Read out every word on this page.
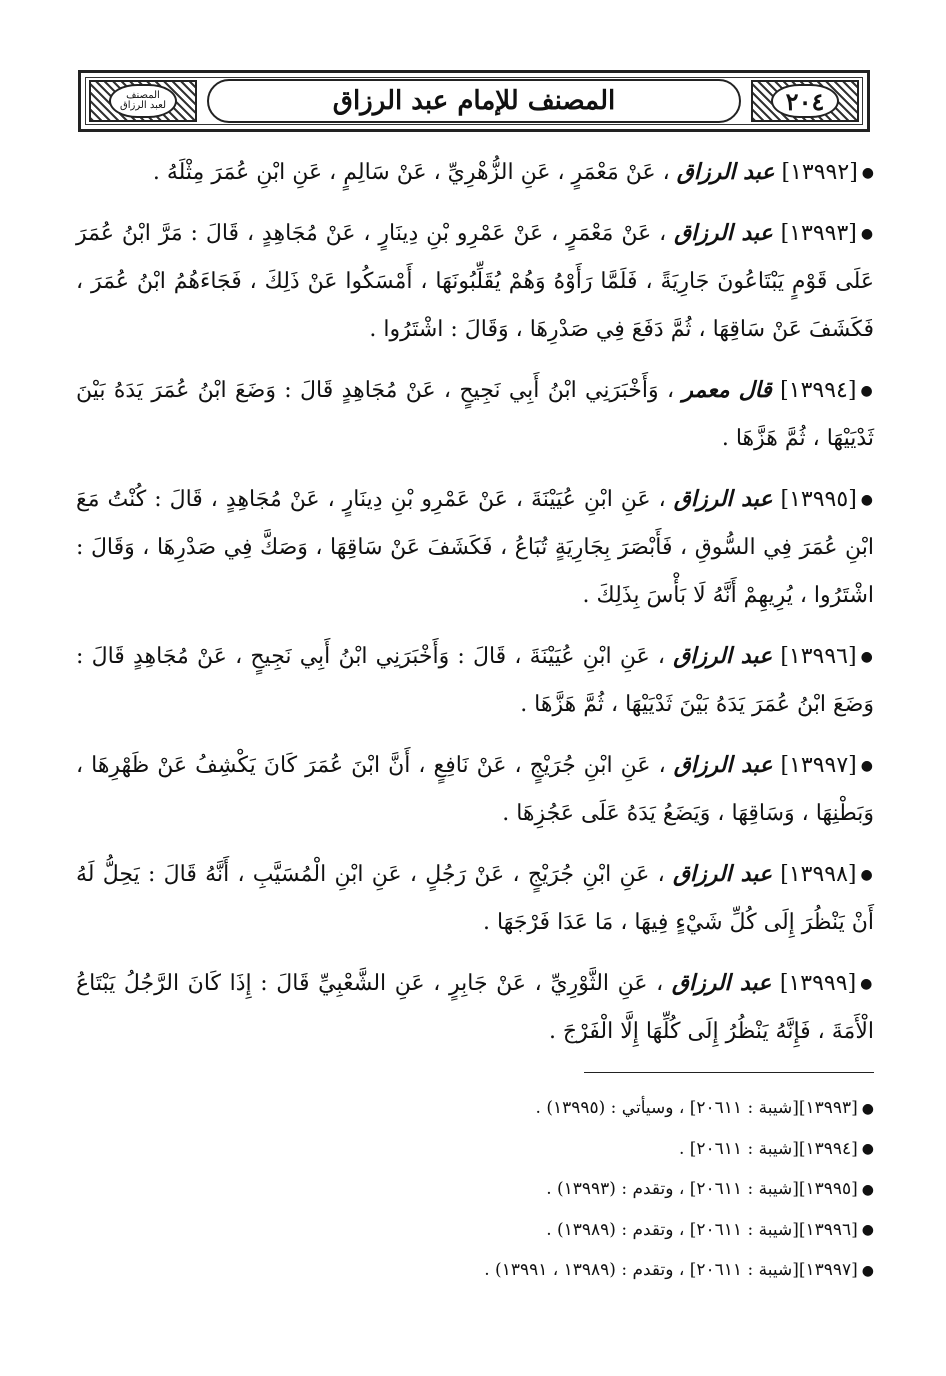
٢٠٤
المصنف للإمام عبد الرزاق
المصنف
لعبد الرزاق

●[١٣٩٩٢] عبد الرزاق ، عَنْ مَعْمَرٍ ، عَنِ الزُّهْرِيِّ ، عَنْ سَالِمٍ ، عَنِ ابْنِ عُمَرَ مِثْلَهُ .

●[١٣٩٩٣] عبد الرزاق ، عَنْ مَعْمَرٍ ، عَنْ عَمْرِو بْنِ دِينَارٍ ، عَنْ مُجَاهِدٍ ، قَالَ : مَرَّ ابْنُ عُمَرَ عَلَى قَوْمٍ يَبْتَاعُونَ جَارِيَةً ، فَلَمَّا رَأَوْهُ وَهُمْ يُقَلِّبُونَهَا ، أَمْسَكُوا عَنْ ذَلِكَ ، فَجَاءَهُمُ ابْنُ عُمَرَ ، فَكَشَفَ عَنْ سَاقِهَا ، ثُمَّ دَفَعَ فِي صَدْرِهَا ، وَقَالَ : اشْتَرُوا .

●[١٣٩٩٤] قال معمر ، وَأَخْبَرَنِي ابْنُ أَبِي نَجِيحٍ ، عَنْ مُجَاهِدٍ قَالَ : وَضَعَ ابْنُ عُمَرَ يَدَهُ بَيْنَ ثَدْيَيْهَا ، ثُمَّ هَزَّهَا .

●[١٣٩٩٥] عبد الرزاق ، عَنِ ابْنِ عُيَيْنَةَ ، عَنْ عَمْرِو بْنِ دِينَارٍ ، عَنْ مُجَاهِدٍ ، قَالَ : كُنْتُ مَعَ ابْنِ عُمَرَ فِي السُّوقِ ، فَأَبْصَرَ بِجَارِيَةٍ تُبَاعُ ، فَكَشَفَ عَنْ سَاقِهَا ، وَصَكَّ فِي صَدْرِهَا ، وَقَالَ : اشْتَرُوا ، يُرِيهِمْ أَنَّهُ لَا بَأْسَ بِذَلِكَ .

●[١٣٩٩٦] عبد الرزاق ، عَنِ ابْنِ عُيَيْنَةَ ، قَالَ : وَأَخْبَرَنِي ابْنُ أَبِي نَجِيحٍ ، عَنْ مُجَاهِدٍ قَالَ : وَضَعَ ابْنُ عُمَرَ يَدَهُ بَيْنَ ثَدْيَيْهَا ، ثُمَّ هَزَّهَا .

●[١٣٩٩٧] عبد الرزاق ، عَنِ ابْنِ جُرَيْجٍ ، عَنْ نَافِعٍ ، أَنَّ ابْنَ عُمَرَ كَانَ يَكْشِفُ عَنْ ظَهْرِهَا ، وَبَطْنِهَا ، وَسَاقِهَا ، وَيَضَعُ يَدَهُ عَلَى عَجُزِهَا .

●[١٣٩٩٨] عبد الرزاق ، عَنِ ابْنِ جُرَيْجٍ ، عَنْ رَجُلٍ ، عَنِ ابْنِ الْمُسَيَّبِ ، أَنَّهُ قَالَ : يَحِلُّ لَهُ أَنْ يَنْظُرَ إِلَى كُلِّ شَيْءٍ فِيهَا ، مَا عَدَا فَرْجَهَا .

●[١٣٩٩٩] عبد الرزاق ، عَنِ الثَّوْرِيِّ ، عَنْ جَابِرٍ ، عَنِ الشَّعْبِيِّ قَالَ : إِذَا كَانَ الرَّجُلُ يَبْتَاعُ الْأَمَةَ ، فَإِنَّهُ يَنْظُرُ إِلَى كُلِّهَا إِلَّا الْفَرْجَ .

●[١٣٩٩٣][شيبة : ٢٠٦١١] ، وسيأتي : (١٣٩٩٥) .

●[١٣٩٩٤][شيبة : ٢٠٦١١] .

●[١٣٩٩٥][شيبة : ٢٠٦١١] ، وتقدم : (١٣٩٩٣) .

●[١٣٩٩٦][شيبة : ٢٠٦١١] ، وتقدم : (١٣٩٨٩) .

●[١٣٩٩٧][شيبة : ٢٠٦١١] ، وتقدم : (١٣٩٨٩ ، ١٣٩٩١) .
